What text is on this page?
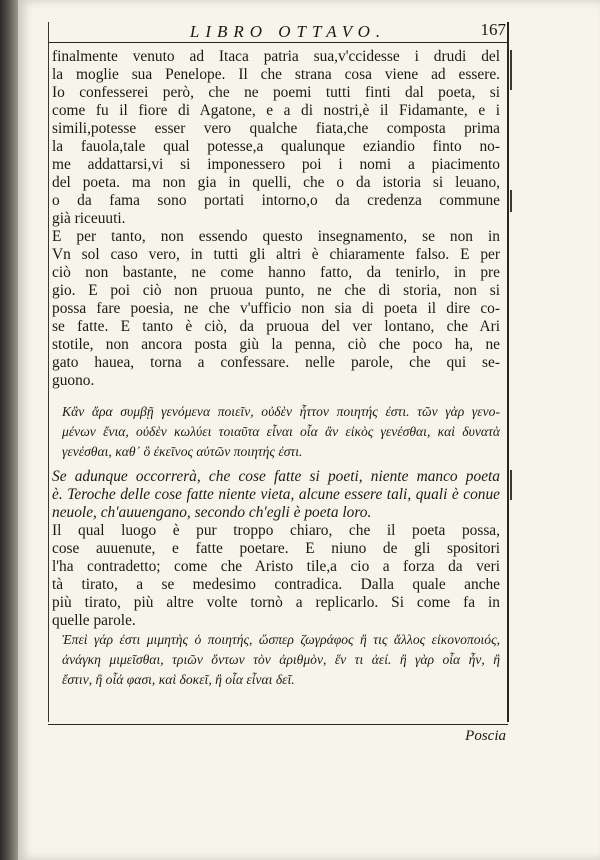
LIBRO OTTAVO.	167
finalmente venuto ad Itaca patria sua,v'ccidesse i drudi del
la moglie sua Penelope. Il che strana cosa viene ad essere.
Io confesserei però, che ne poemi tutti finti dal poeta, si
come fu il fiore di Agatone, e a di nostri,è il Fidamante, e i
simili,potesse esser vero qualche fiata,che composta prima
la fauola,tale qual potesse,a qualunque eziandio finto no-
me addattarsi,vi si imponessero poi i nomi a piacimento
del poeta. ma non gia in quelli, che o da istoria si leuano,
o da fama sono portati intorno,o da credenza commune
già riceuuti.
E per tanto, non essendo questo insegnamento, se non in
Vn sol caso vero, in tutti gli altri è chiaramente falso. E per
ciò non bastante, ne come hanno fatto, da tenirlo, in pre
gio. E poi ciò non pruoua punto, ne che di storia, non si
possa fare poesia, ne che v'ufficio non sia di poeta il dire co-
se fatte. E tanto è ciò, da pruoua del ver lontano, che Ari
stotile, non ancora posta giù la penna, ciò che poco ha, ne
gato hauea, torna a confessare. nelle parole, che qui se-
guono.
Κἂν ἄρα συμβῇ γενόμενα ποιεῖν, οὐδὲν ἧττον ποιητής ἐστι. τῶν γὰρ γενο-
μένων ἔνια, οὐδὲν κωλύει τοιαῦτα εἶναι οἷα ἂν εἰκὸς γενέσθαι, καὶ δυνατὰ
γενέσθαι, καθ᾽ ὃ ἐκεῖνος αὐτῶν ποιητής ἐστι.
Se adunque occorrerà, che cose fatte si poeti, niente manco poeta
è. Teroche delle cose fatte niente vieta, alcune essere tali, quali è conue
neuole, ch'auuengano, secondo ch'egli è poeta loro.
Il qual luogo è pur troppo chiaro, che il poeta possa,
cose auuenute, e fatte poetare. E niuno de gli spositori
l'ha contradetto; come che Aristo tile,a cio a forza da veri
tà tirato, a se medesimo contradica. Dalla quale anche
più tirato, più altre volte tornò a replicarlo. Si come fa in
quelle parole.
Ἐπεὶ γάρ ἐστι μιμητὴς ὁ ποιητής, ὥσπερ ζωγράφος ἢ τις ἄλλος εἰκονοποιός,
ἀνάγκη μιμεῖσθαι, τριῶν ὄντων τὸν ἀριθμὸν, ἕν τι ἀεί. ἢ γὰρ οἷα ἦν, ἢ
ἔστιν, ἢ οἷά φασι, καὶ δοκεῖ, ἢ οἷα εἶναι δεῖ.
Poscia
